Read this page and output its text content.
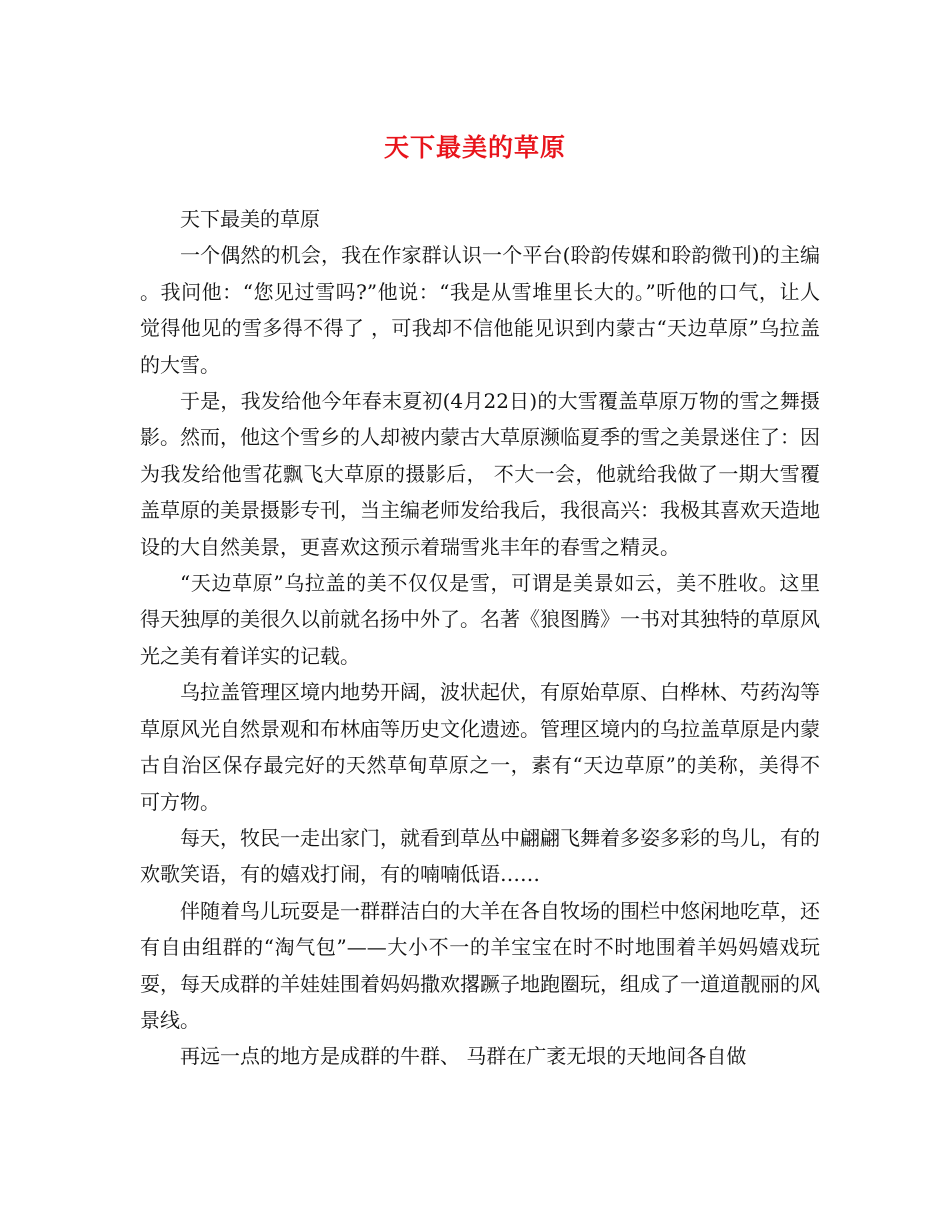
天下最美的草原

天下最美的草原

一个偶然的机会，我在作家群认识一个平台(聆韵传媒和聆韵微刊)的主编 。我问他：“您见过雪吗?”他说：“我是从雪堆里长大的。”听他的口气，让人觉得他见的雪多得不得了 ，可我却不信他能见识到内蒙古“天边草原”乌拉盖的大雪。

于是，我发给他今年春末夏初(4月22日)的大雪覆盖草原万物的雪之舞摄影。然而，他这个雪乡的人却被内蒙古大草原濒临夏季的雪之美景迷住了：因为我发给他雪花飘飞大草原的摄影后， 不大一会，他就给我做了一期大雪覆盖草原的美景摄影专刊，当主编老师发给我后，我很高兴：我极其喜欢天造地设的大自然美景，更喜欢这预示着瑞雪兆丰年的春雪之精灵。

“天边草原”乌拉盖的美不仅仅是雪，可谓是美景如云，美不胜收。这里得天独厚的美很久以前就名扬中外了。名著《狼图腾》一书对其独特的草原风光之美有着详实的记载。

乌拉盖管理区境内地势开阔，波状起伏，有原始草原、白桦林、芍药沟等草原风光自然景观和布林庙等历史文化遗迹。管理区境内的乌拉盖草原是内蒙古自治区保存最完好的天然草甸草原之一，素有“天边草原”的美称，美得不可方物。

每天，牧民一走出家门，就看到草丛中翩翩飞舞着多姿多彩的鸟儿，有的欢歌笑语，有的嬉戏打闹，有的喃喃低语……

伴随着鸟儿玩耍是一群群洁白的大羊在各自牧场的围栏中悠闲地吃草，还有自由组群的“淘气包”——大小不一的羊宝宝在时不时地围着羊妈妈嬉戏玩耍，每天成群的羊娃娃围着妈妈撒欢撂蹶子地跑圈玩，组成了一道道靓丽的风景线。

再远一点的地方是成群的牛群、 马群在广袤无垠的天地间各自做
